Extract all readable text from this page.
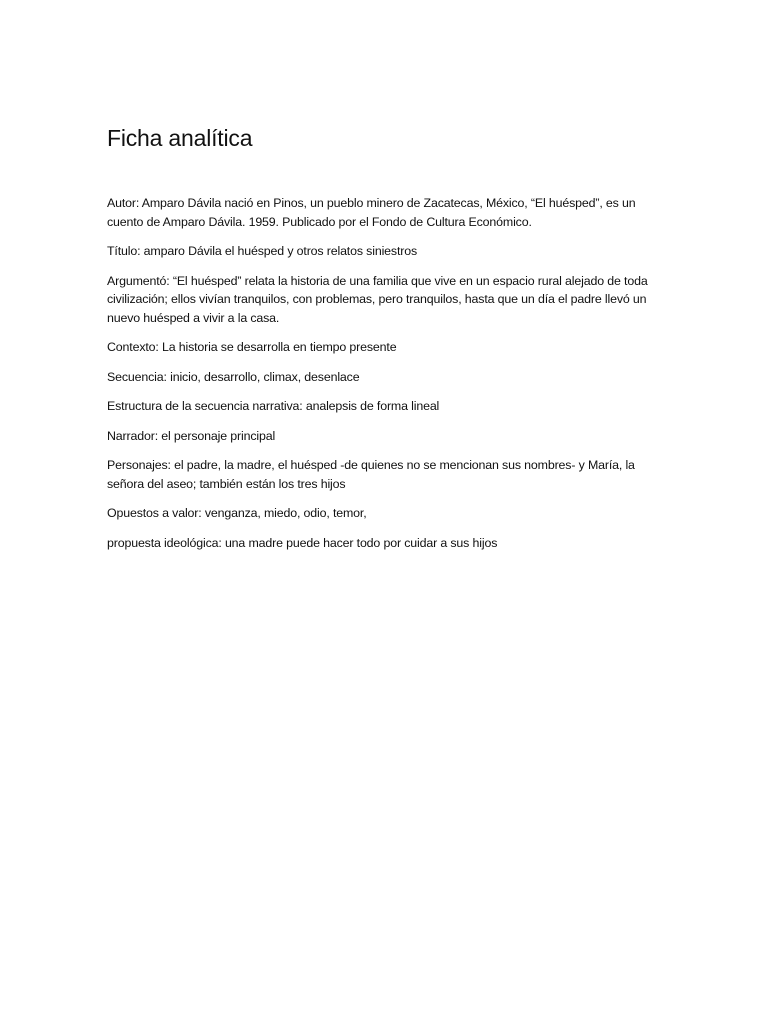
Ficha analítica

Autor: Amparo Dávila nació en Pinos, un pueblo minero de Zacatecas, México, “El huésped”, es un cuento de Amparo Dávila. 1959. Publicado por el Fondo de Cultura Económico.

Título: amparo Dávila el huésped y otros relatos siniestros

Argumentó: “El huésped” relata la historia de una familia que vive en un espacio rural alejado de toda civilización; ellos vivían tranquilos, con problemas, pero tranquilos, hasta que un día el padre llevó un nuevo huésped a vivir a la casa.

Contexto: La historia se desarrolla en tiempo presente

Secuencia: inicio, desarrollo, climax, desenlace

Estructura de la secuencia narrativa: analepsis de forma lineal

Narrador: el personaje principal

Personajes: el padre, la madre, el huésped -de quienes no se mencionan sus nombres- y María, la señora del aseo; también están los tres hijos

Opuestos a valor: venganza, miedo, odio, temor,

propuesta ideológica: una madre puede hacer todo por cuidar a sus hijos
